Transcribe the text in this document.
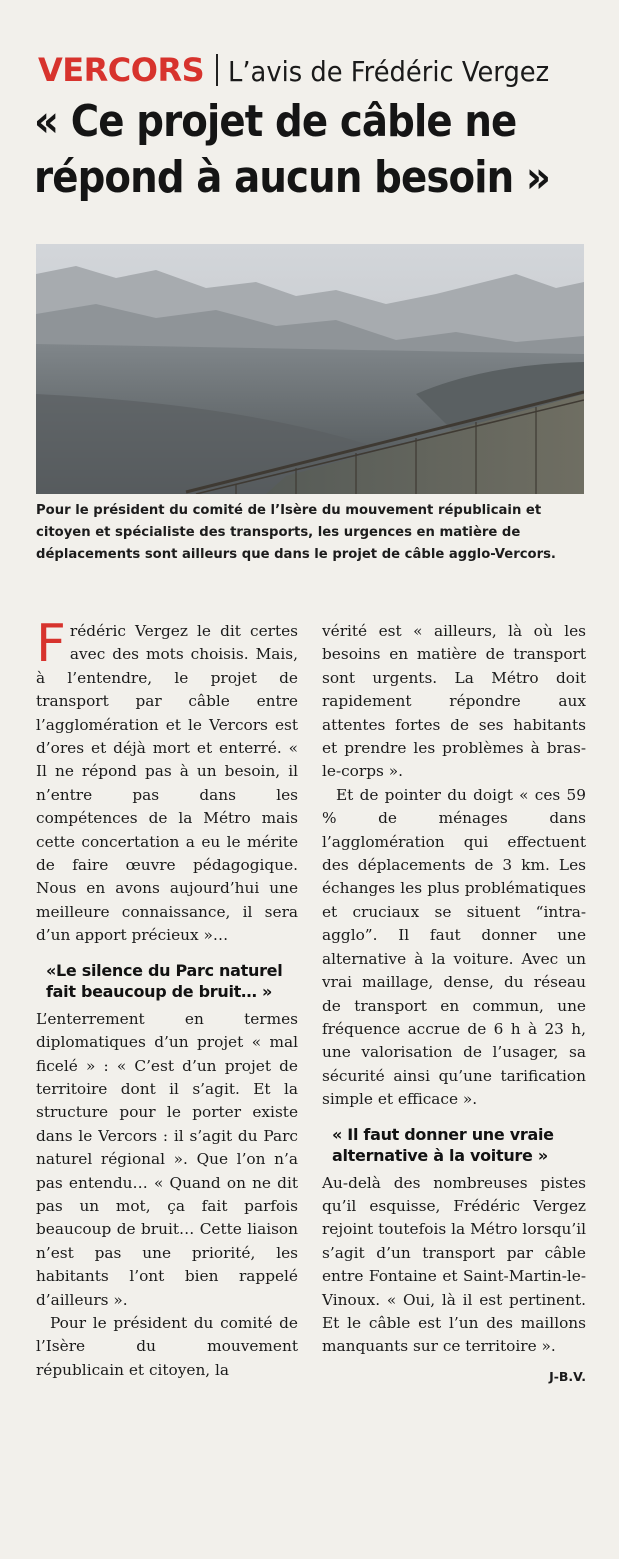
VERCORS L’avis de Frédéric Vergez
« Ce projet de câble ne
répond à aucun besoin »
Pour le président du comité de l’Isère du mouvement républicain et citoyen et spécialiste des transports, les urgences en matière de déplacements sont ailleurs que dans le projet de câble agglo-Vercors.

Frédéric Vergez le dit certes avec des mots choisis. Mais, à l’entendre, le projet de transport par câble entre l’agglomération et le Vercors est d’ores et déjà mort et enterré. « Il ne répond pas à un besoin, il n’entre pas dans les compétences de la Métro mais cette concertation a eu le mérite de faire œuvre pédagogique. Nous en avons aujourd’hui une meilleure connaissance, il sera d’un apport précieux »…

«Le silence du Parc naturel fait beaucoup de bruit… »

L’enterrement en termes diplomatiques d’un projet « mal ficelé » : « C’est d’un projet de territoire dont il s’agit. Et la structure pour le porter existe dans le Vercors : il s’agit du Parc naturel régional ». Que l’on n’a pas entendu… « Quand on ne dit pas un mot, ça fait parfois beaucoup de bruit… Cette liaison n’est pas une priorité, les habitants l’ont bien rappelé d’ailleurs ».

Pour le président du comité de l’Isère du mouvement républicain et citoyen, la

vérité est « ailleurs, là où les besoins en matière de transport sont urgents. La Métro doit rapidement répondre aux attentes fortes de ses habitants et prendre les problèmes à bras-le-corps ».

Et de pointer du doigt « ces 59 % de ménages dans l’agglomération qui effectuent des déplacements de 3 km. Les échanges les plus problématiques et cruciaux se situent “intra-agglo”. Il faut donner une alternative à la voiture. Avec un vrai maillage, dense, du réseau de transport en commun, une fréquence accrue de 6 h à 23 h, une valorisation de l’usager, sa sécurité ainsi qu’une tarification simple et efficace ».

« Il faut donner une vraie alternative à la voiture »

Au-delà des nombreuses pistes qu’il esquisse, Frédéric Vergez rejoint toutefois la Métro lorsqu’il s’agit d’un transport par câble entre Fontaine et Saint-Martin-le-Vinoux. « Oui, là il est pertinent. Et le câble est l’un des maillons manquants sur ce territoire ».

J-B.V.
